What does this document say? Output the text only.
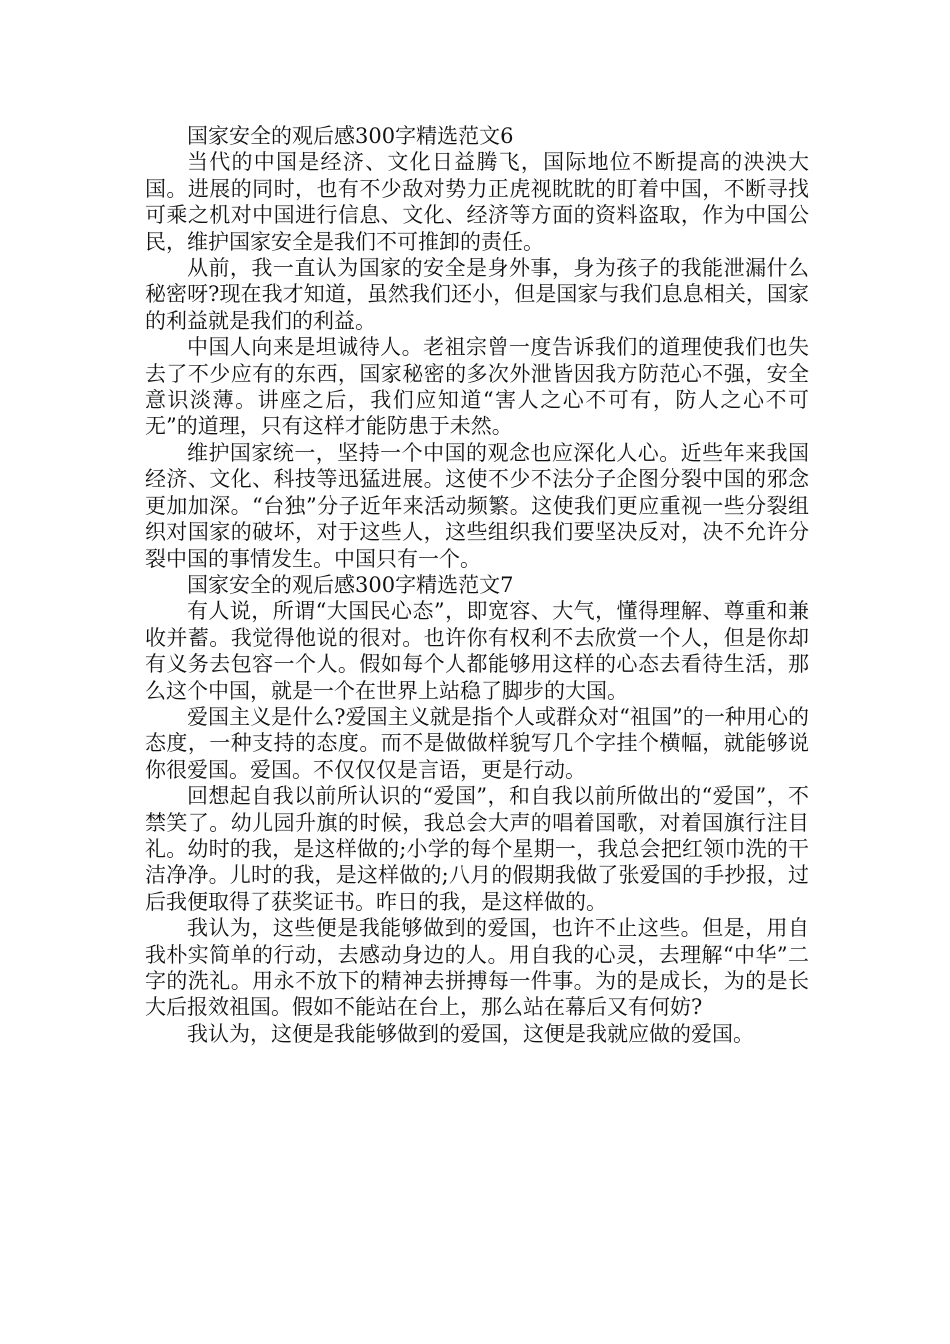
国家安全的观后感300字精选范文6

当代的中国是经济、文化日益腾飞，国际地位不断提高的泱泱大国。进展的同时，也有不少敌对势力正虎视眈眈的盯着中国，不断寻找可乘之机对中国进行信息、文化、经济等方面的资料盗取，作为中国公民，维护国家安全是我们不可推卸的责任。

从前，我一直认为国家的安全是身外事，身为孩子的我能泄漏什么秘密呀?现在我才知道，虽然我们还小，但是国家与我们息息相关，国家的利益就是我们的利益。

中国人向来是坦诚待人。老祖宗曾一度告诉我们的道理使我们也失去了不少应有的东西，国家秘密的多次外泄皆因我方防范心不强，安全意识淡薄。讲座之后，我们应知道“害人之心不可有，防人之心不可无”的道理，只有这样才能防患于未然。

维护国家统一，坚持一个中国的观念也应深化人心。近些年来我国经济、文化、科技等迅猛进展。这使不少不法分子企图分裂中国的邪念更加加深。“台独”分子近年来活动频繁。这使我们更应重视一些分裂组织对国家的破坏，对于这些人，这些组织我们要坚决反对，决不允许分裂中国的事情发生。中国只有一个。

国家安全的观后感300字精选范文7

有人说，所谓“大国民心态”，即宽容、大气，懂得理解、尊重和兼收并蓄。我觉得他说的很对。也许你有权利不去欣赏一个人，但是你却有义务去包容一个人。假如每个人都能够用这样的心态去看待生活，那么这个中国，就是一个在世界上站稳了脚步的大国。

爱国主义是什么?爱国主义就是指个人或群众对“祖国”的一种用心的态度，一种支持的态度。而不是做做样貌写几个字挂个横幅，就能够说你很爱国。爱国。不仅仅仅是言语，更是行动。

回想起自我以前所认识的“爱国”，和自我以前所做出的“爱国”，不禁笑了。幼儿园升旗的时候，我总会大声的唱着国歌，对着国旗行注目礼。幼时的我，是这样做的;小学的每个星期一，我总会把红领巾洗的干洁净净。儿时的我，是这样做的;八月的假期我做了张爱国的手抄报，过后我便取得了获奖证书。昨日的我，是这样做的。

我认为，这些便是我能够做到的爱国，也许不止这些。但是，用自我朴实简单的行动，去感动身边的人。用自我的心灵，去理解“中华”二字的洗礼。用永不放下的精神去拼搏每一件事。为的是成长，为的是长大后报效祖国。假如不能站在台上，那么站在幕后又有何妨?

我认为，这便是我能够做到的爱国，这便是我就应做的爱国。
